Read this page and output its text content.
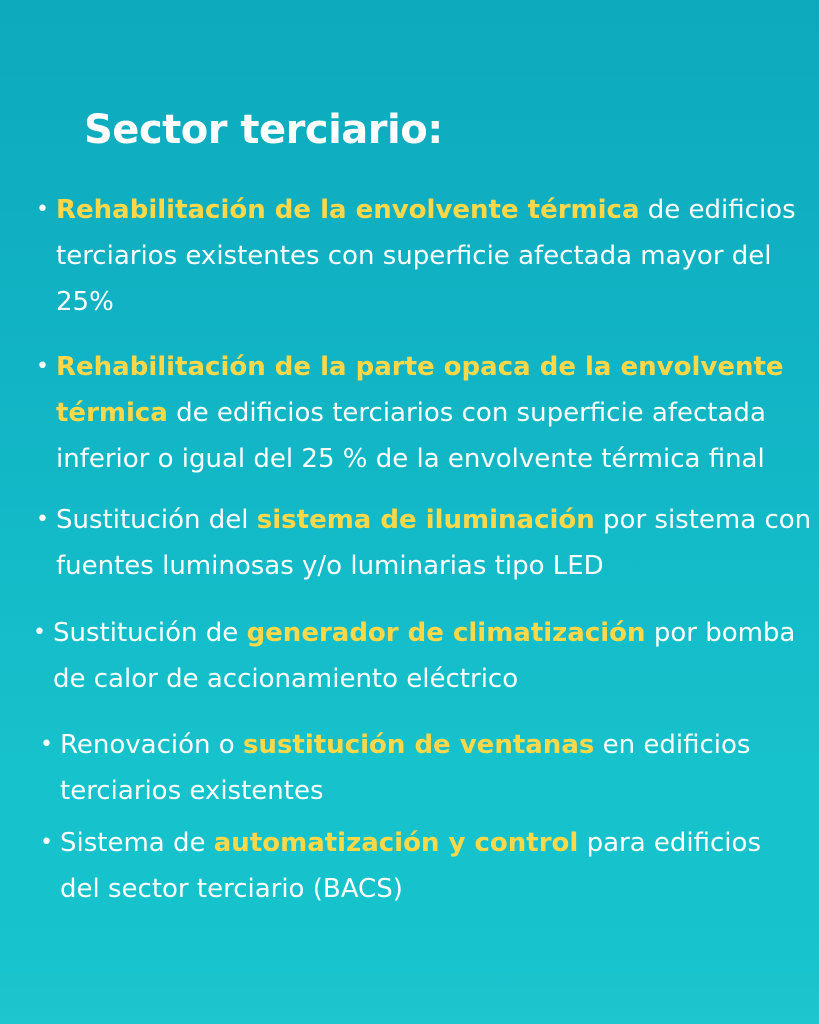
Sector terciario:
• Rehabilitación de la envolvente térmica de edificios
terciarios existentes con superficie afectada mayor del
25%
• Rehabilitación de la parte opaca de la envolvente
térmica de edificios terciarios con superficie afectada
inferior o igual del 25 % de la envolvente térmica final
• Sustitución del sistema de iluminación por sistema con
fuentes luminosas y/o luminarias tipo LED
• Sustitución de generador de climatización por bomba
de calor de accionamiento eléctrico
• Renovación o sustitución de ventanas en edificios
terciarios existentes
• Sistema de automatización y control para edificios
del sector terciario (BACS)
